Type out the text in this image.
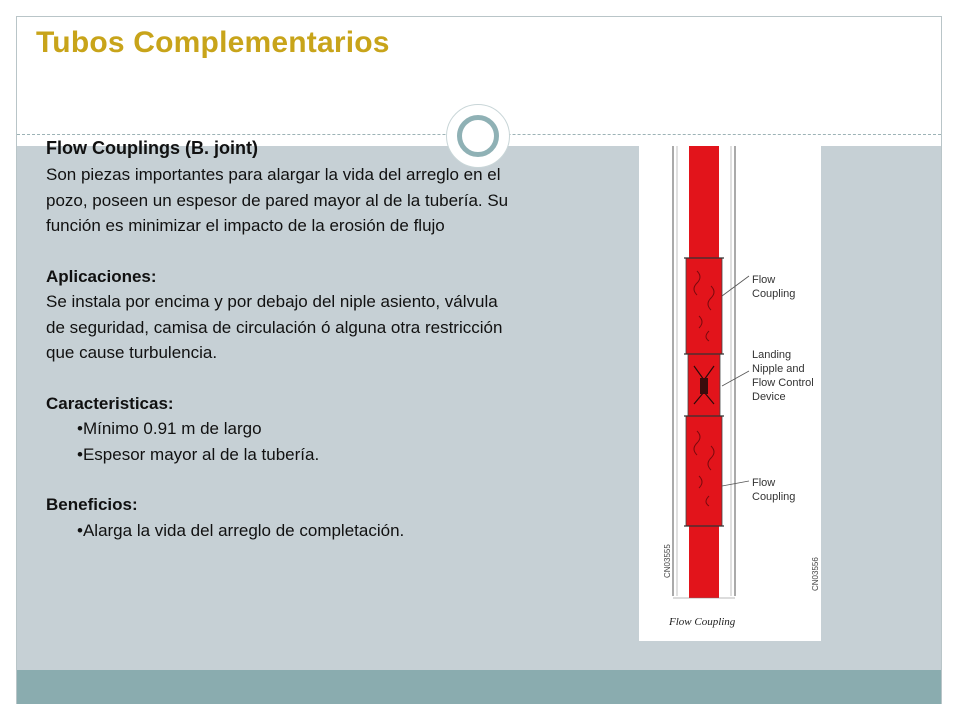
Tubos Complementarios
Flow Couplings (B. joint)

Son piezas importantes para alargar la vida del arreglo en el pozo, poseen un espesor de pared mayor al de la tubería. Su función es minimizar el impacto de la erosión de flujo

Aplicaciones:

Se instala por encima y por debajo del niple asiento, válvula de seguridad, camisa de circulación ó alguna otra restricción que cause turbulencia.

Caracteristicas:
•Mínimo 0.91 m de largo
•Espesor mayor al de la tubería.
Beneficios:
•Alarga la vida del arreglo de completación.
Flow Coupling
Landing Nipple and Flow Control Device
Flow Coupling
Flow Coupling
CN03555	CN03556
